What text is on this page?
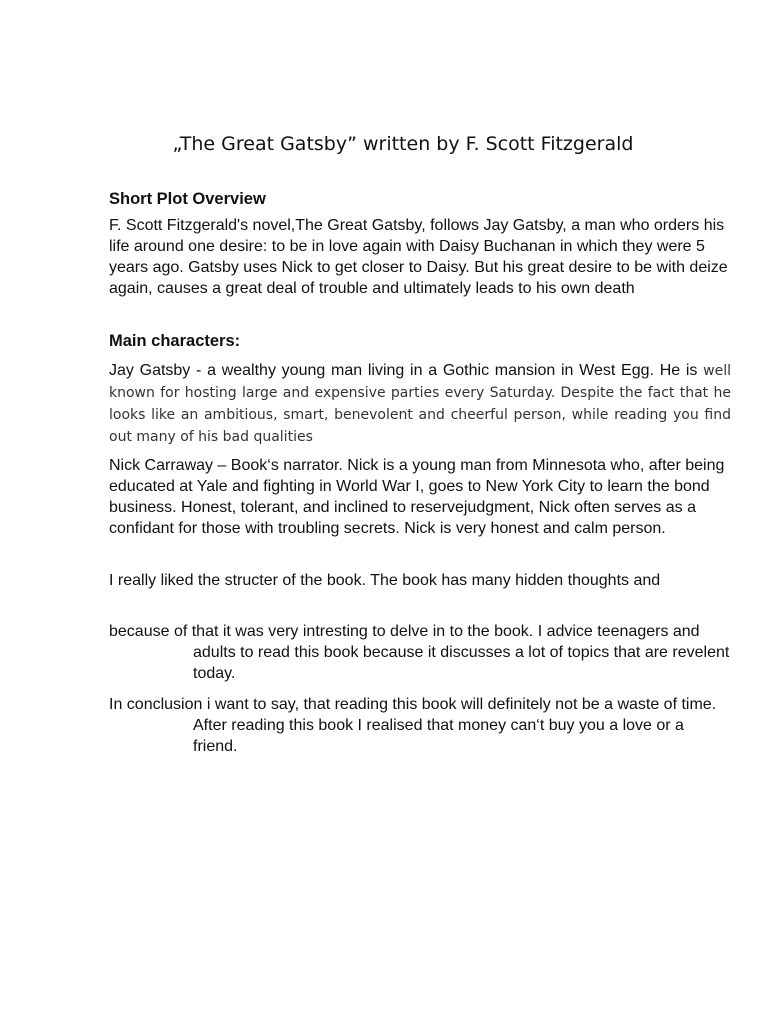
„The Great Gatsby” written by F. Scott Fitzgerald

Short Plot Overview

F. Scott Fitzgerald's novel,The Great Gatsby, follows Jay Gatsby, a man who orders his life around one desire: to be in love again with Daisy Buchanan in which they were 5 years ago. Gatsby uses Nick to get closer to Daisy. But his great desire to be with deize again, causes a great deal of trouble and ultimately leads to his own death

Main characters:

Jay Gatsby - a wealthy young man living in a Gothic mansion in West Egg. He is well known for hosting large and expensive parties every Saturday. Despite the fact that he looks like an ambitious, smart, benevolent and cheerful person, while reading you find out many of his bad qualities

Nick Carraway – Book‘s narrator. Nick is a young man from Minnesota who, after being educated at Yale and fighting in World War I, goes to New York City to learn the bond business. Honest, tolerant, and inclined to reservejudgment, Nick often serves as a confidant for those with troubling secrets. Nick is very honest and calm person.

I really liked the structer of the book. The book has many hidden thoughts and

because of that it was very intresting to delve in to the book. I advice teenagers and adults to read this book because it discusses a lot of topics that are revelent today.

In conclusion i want to say, that reading this book will definitely not be a waste of time. After reading this book I realised that money can‘t buy you a love or a friend.
